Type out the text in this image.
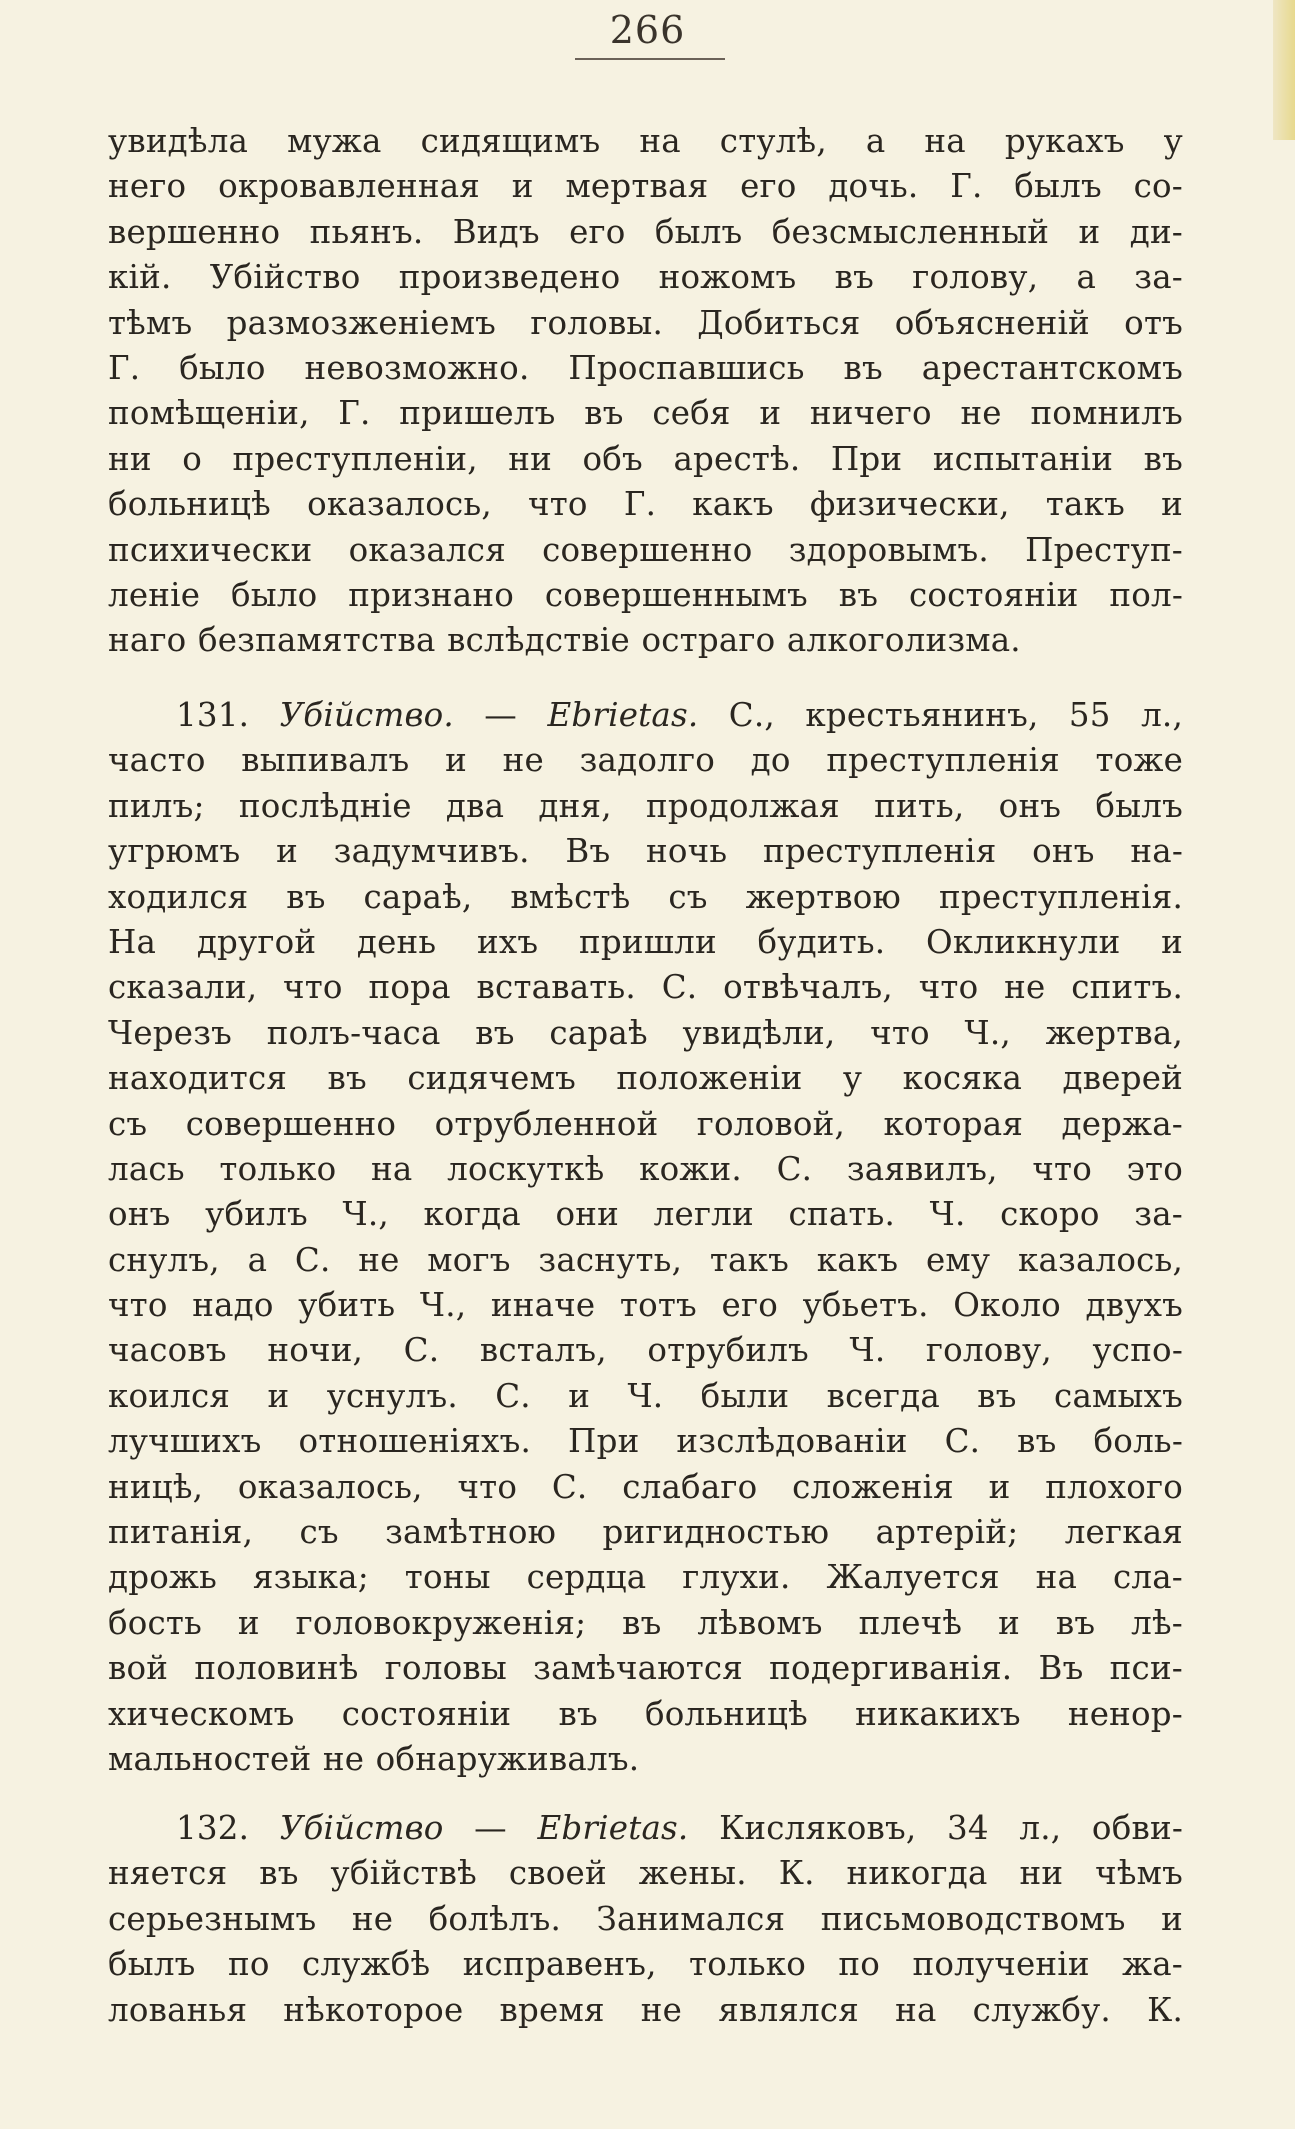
266
увидѣла мужа сидящимъ на стулѣ, а на рукахъ у
него окровавленная и мертвая его дочь. Г. былъ со-
вершенно пьянъ. Видъ его былъ безсмысленный и ди-
кій. Убійство произведено ножомъ въ голову, а за-
тѣмъ размозженіемъ головы. Добиться объясненій отъ
Г. было невозможно. Проспавшись въ арестантскомъ
помѣщеніи, Г. пришелъ въ себя и ничего не помнилъ
ни о преступленіи, ни объ арестѣ. При испытаніи въ
больницѣ оказалось, что Г. какъ физически, такъ и
психически оказался совершенно здоровымъ. Преступ-
леніе было признано совершеннымъ въ состояніи пол-
наго безпамятства вслѣдствіе остраго алкоголизма.
131. Убійство. — Ebrietas. С., крестьянинъ, 55 л.,
часто выпивалъ и не задолго до преступленія тоже
пилъ; послѣдніе два дня, продолжая пить, онъ былъ
угрюмъ и задумчивъ. Въ ночь преступленія онъ на-
ходился въ сараѣ, вмѣстѣ съ жертвою преступленія.
На другой день ихъ пришли будить. Окликнули и
сказали, что пора вставать. С. отвѣчалъ, что не спитъ.
Черезъ полъ-часа въ сараѣ увидѣли, что Ч., жертва,
находится въ сидячемъ положеніи у косяка дверей
съ совершенно отрубленной головой, которая держа-
лась только на лоскуткѣ кожи. С. заявилъ, что это
онъ убилъ Ч., когда они легли спать. Ч. скоро за-
снулъ, а С. не могъ заснуть, такъ какъ ему казалось,
что надо убить Ч., иначе тотъ его убьетъ. Около двухъ
часовъ ночи, С. всталъ, отрубилъ Ч. голову, успо-
коился и уснулъ. С. и Ч. были всегда въ самыхъ
лучшихъ отношеніяхъ. При изслѣдованіи С. въ боль-
ницѣ, оказалось, что С. слабаго сложенія и плохого
питанія, съ замѣтною ригидностью артерій; легкая
дрожь языка; тоны сердца глухи. Жалуется на сла-
бость и головокруженія; въ лѣвомъ плечѣ и въ лѣ-
вой половинѣ головы замѣчаются подергиванія. Въ пси-
хическомъ состояніи въ больницѣ никакихъ ненор-
мальностей не обнаруживалъ.
132. Убійство — Ebrietas. Кисляковъ, 34 л., обви-
няется въ убійствѣ своей жены. К. никогда ни чѣмъ
серьезнымъ не болѣлъ. Занимался письмоводствомъ и
былъ по службѣ исправенъ, только по полученіи жа-
лованья нѣкоторое время не являлся на службу. К.
